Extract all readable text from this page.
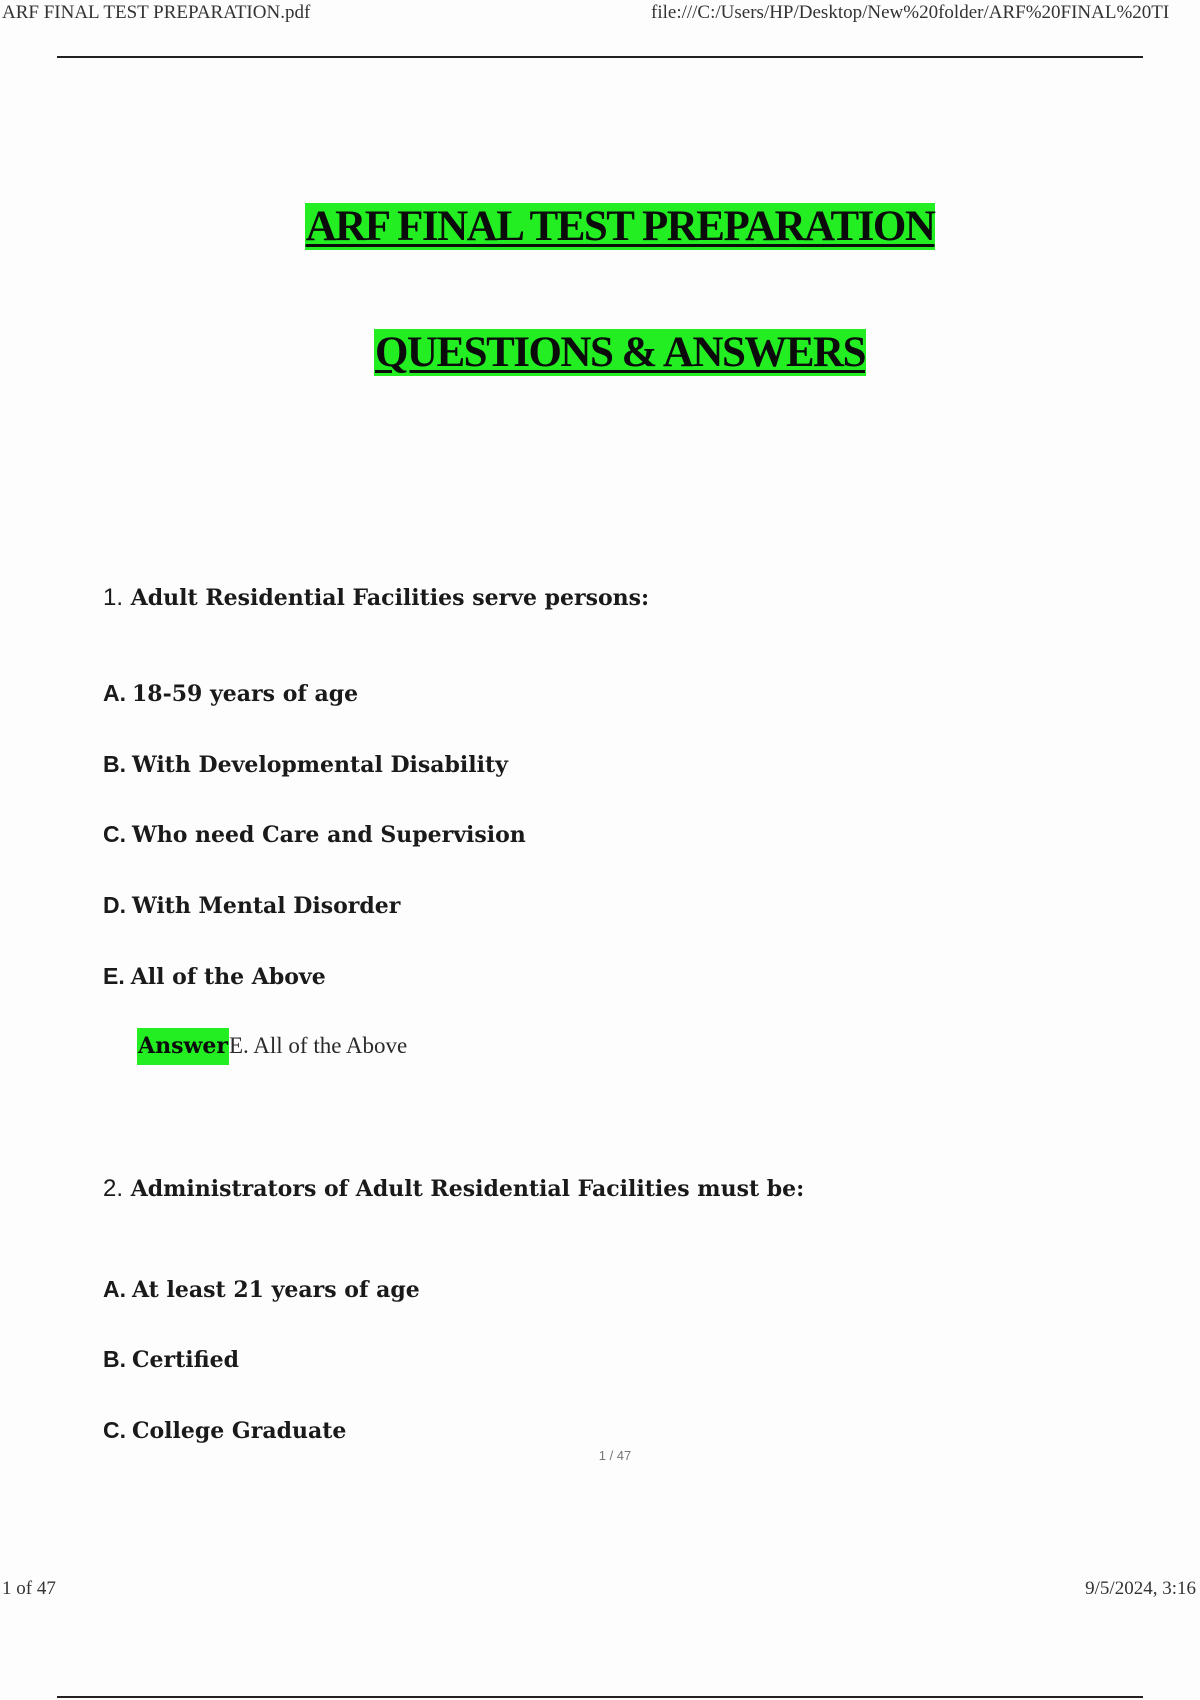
ARF FINAL TEST PREPARATION.pdf	file:///C:/Users/HP/Desktop/New%20folder/ARF%20FINAL%20TI
ARF FINAL TEST PREPARATION
QUESTIONS & ANSWERS
1. Adult Residential Facilities serve persons:
A. 18-59 years of age
B. With Developmental Disability
C. Who need Care and Supervision
D. With Mental Disorder
E. All of the Above
AnswerE. All of the Above
2. Administrators of Adult Residential Facilities must be:
A. At least 21 years of age
B. Certified
C. College Graduate
1 / 47
1 of 47	9/5/2024, 3:16
